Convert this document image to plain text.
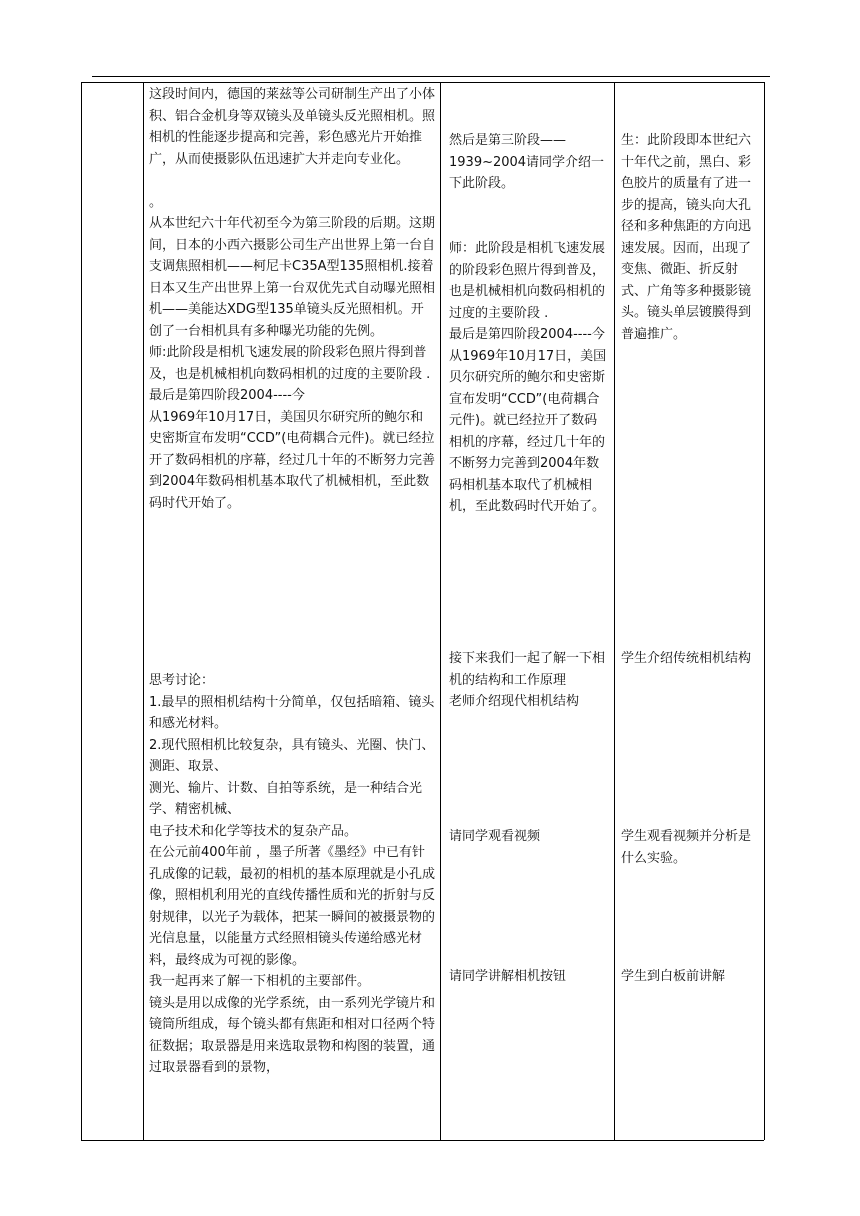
这段时间内，德国的莱兹等公司研制生产出了小体积、铝合金机身等双镜头及单镜头反光照相机。照相机的性能逐步提高和完善，彩色感光片开始推广，从而使摄影队伍迅速扩大并走向专业化。

。

从本世纪六十年代初至今为第三阶段的后期。这期间，日本的小西六摄影公司生产出世界上第一台自支调焦照相机——柯尼卡C35A型135照相机.接着日本又生产出世界上第一台双优先式自动曝光照相机——美能达XDG型135单镜头反光照相机。开创了一台相机具有多种曝光功能的先例。

师:此阶段是相机飞速发展的阶段彩色照片得到普及，也是机械相机向数码相机的过度的主要阶段 .

最后是第四阶段2004----今

从1969年10月17日，美国贝尔研究所的鲍尔和史密斯宣布发明“CCD”(电荷耦合元件)。就已经拉开了数码相机的序幕，经过几十年的不断努力完善到2004年数码相机基本取代了机械相机，至此数码时代开始了。

思考讨论：

1.最早的照相机结构十分简单，仅包括暗箱、镜头和感光材料。

2.现代照相机比较复杂，具有镜头、光圈、快门、测距、取景、

测光、输片、计数、自拍等系统，是一种结合光学、精密机械、

电子技术和化学等技术的复杂产品。

在公元前400年前 ，墨子所著《墨经》中已有针孔成像的记载，最初的相机的基本原理就是小孔成像，照相机利用光的直线传播性质和光的折射与反射规律，以光子为载体，把某一瞬间的被摄景物的光信息量，以能量方式经照相镜头传递给感光材料，最终成为可视的影像。

我一起再来了解一下相机的主要部件。

镜头是用以成像的光学系统，由一系列光学镜片和镜筒所组成，每个镜头都有焦距和相对口径两个特征数据；取景器是用来选取景物和构图的装置，通过取景器看到的景物，

然后是第三阶段——1939~2004请同学介绍一下此阶段。

师：此阶段是相机飞速发展的阶段彩色照片得到普及，也是机械相机向数码相机的过度的主要阶段 .

最后是第四阶段2004----今

从1969年10月17日，美国贝尔研究所的鲍尔和史密斯宣布发明“CCD”(电荷耦合元件)。就已经拉开了数码相机的序幕，经过几十年的不断努力完善到2004年数码相机基本取代了机械相机，至此数码时代开始了。

接下来我们一起了解一下相机的结构和工作原理

老师介绍现代相机结构

请同学观看视频

请同学讲解相机按钮

生：此阶段即本世纪六十年代之前，黑白、彩色胶片的质量有了进一步的提高，镜头向大孔径和多种焦距的方向迅速发展。因而，出现了变焦、微距、折反射式、广角等多种摄影镜头。镜头单层镀膜得到普遍推广。

学生介绍传统相机结构

学生观看视频并分析是什么实验。

学生到白板前讲解
